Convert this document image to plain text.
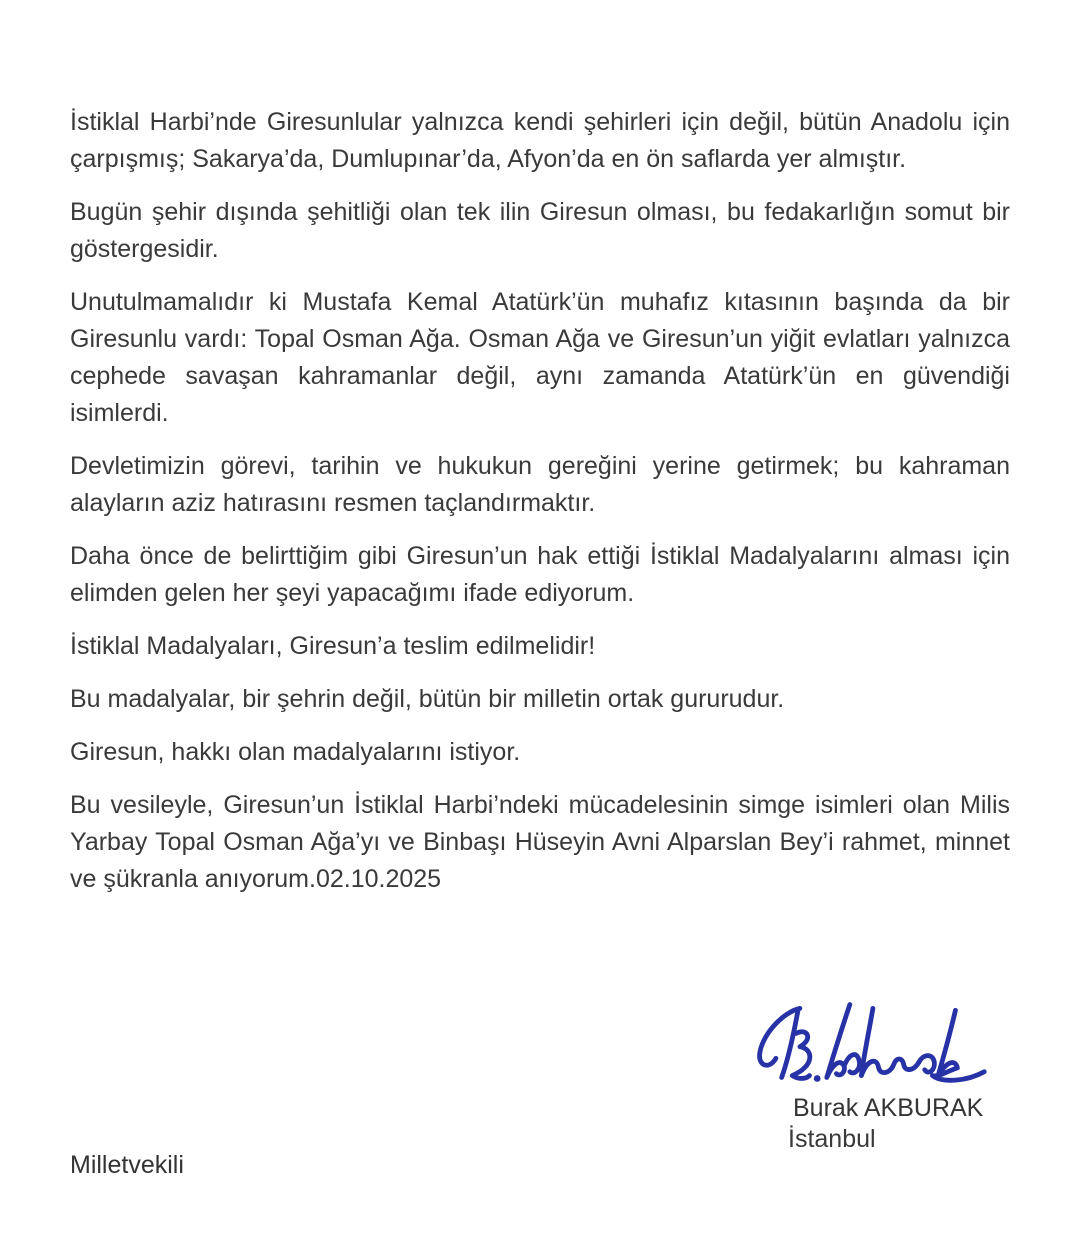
İstiklal Harbi’nde Giresunlular yalnızca kendi şehirleri için değil, bütün Anadolu için çarpışmış; Sakarya’da, Dumlupınar’da, Afyon’da en ön saflarda yer almıştır.

Bugün şehir dışında şehitliği olan tek ilin Giresun olması, bu fedakarlığın somut bir göstergesidir.

Unutulmamalıdır ki Mustafa Kemal Atatürk’ün muhafız kıtasının başında da bir Giresunlu vardı: Topal Osman Ağa. Osman Ağa ve Giresun’un yiğit evlatları yalnızca cephede savaşan kahramanlar değil, aynı zamanda Atatürk’ün en güvendiği isimlerdi.

Devletimizin görevi, tarihin ve hukukun gereğini yerine getirmek; bu kahraman alayların aziz hatırasını resmen taçlandırmaktır.

Daha önce de belirttiğim gibi Giresun’un hak ettiği İstiklal Madalyalarını alması için elimden gelen her şeyi yapacağımı ifade ediyorum.

İstiklal Madalyaları, Giresun’a teslim edilmelidir!

Bu madalyalar, bir şehrin değil, bütün bir milletin ortak gururudur.

Giresun, hakkı olan madalyalarını istiyor.

Bu vesileyle, Giresun’un İstiklal Harbi’ndeki mücadelesinin simge isimleri olan Milis Yarbay Topal Osman Ağa’yı ve Binbaşı Hüseyin Avni Alparslan Bey’i rahmet, minnet ve şükranla anıyorum.02.10.2025

Burak AKBURAK
İstanbul
Milletvekili
